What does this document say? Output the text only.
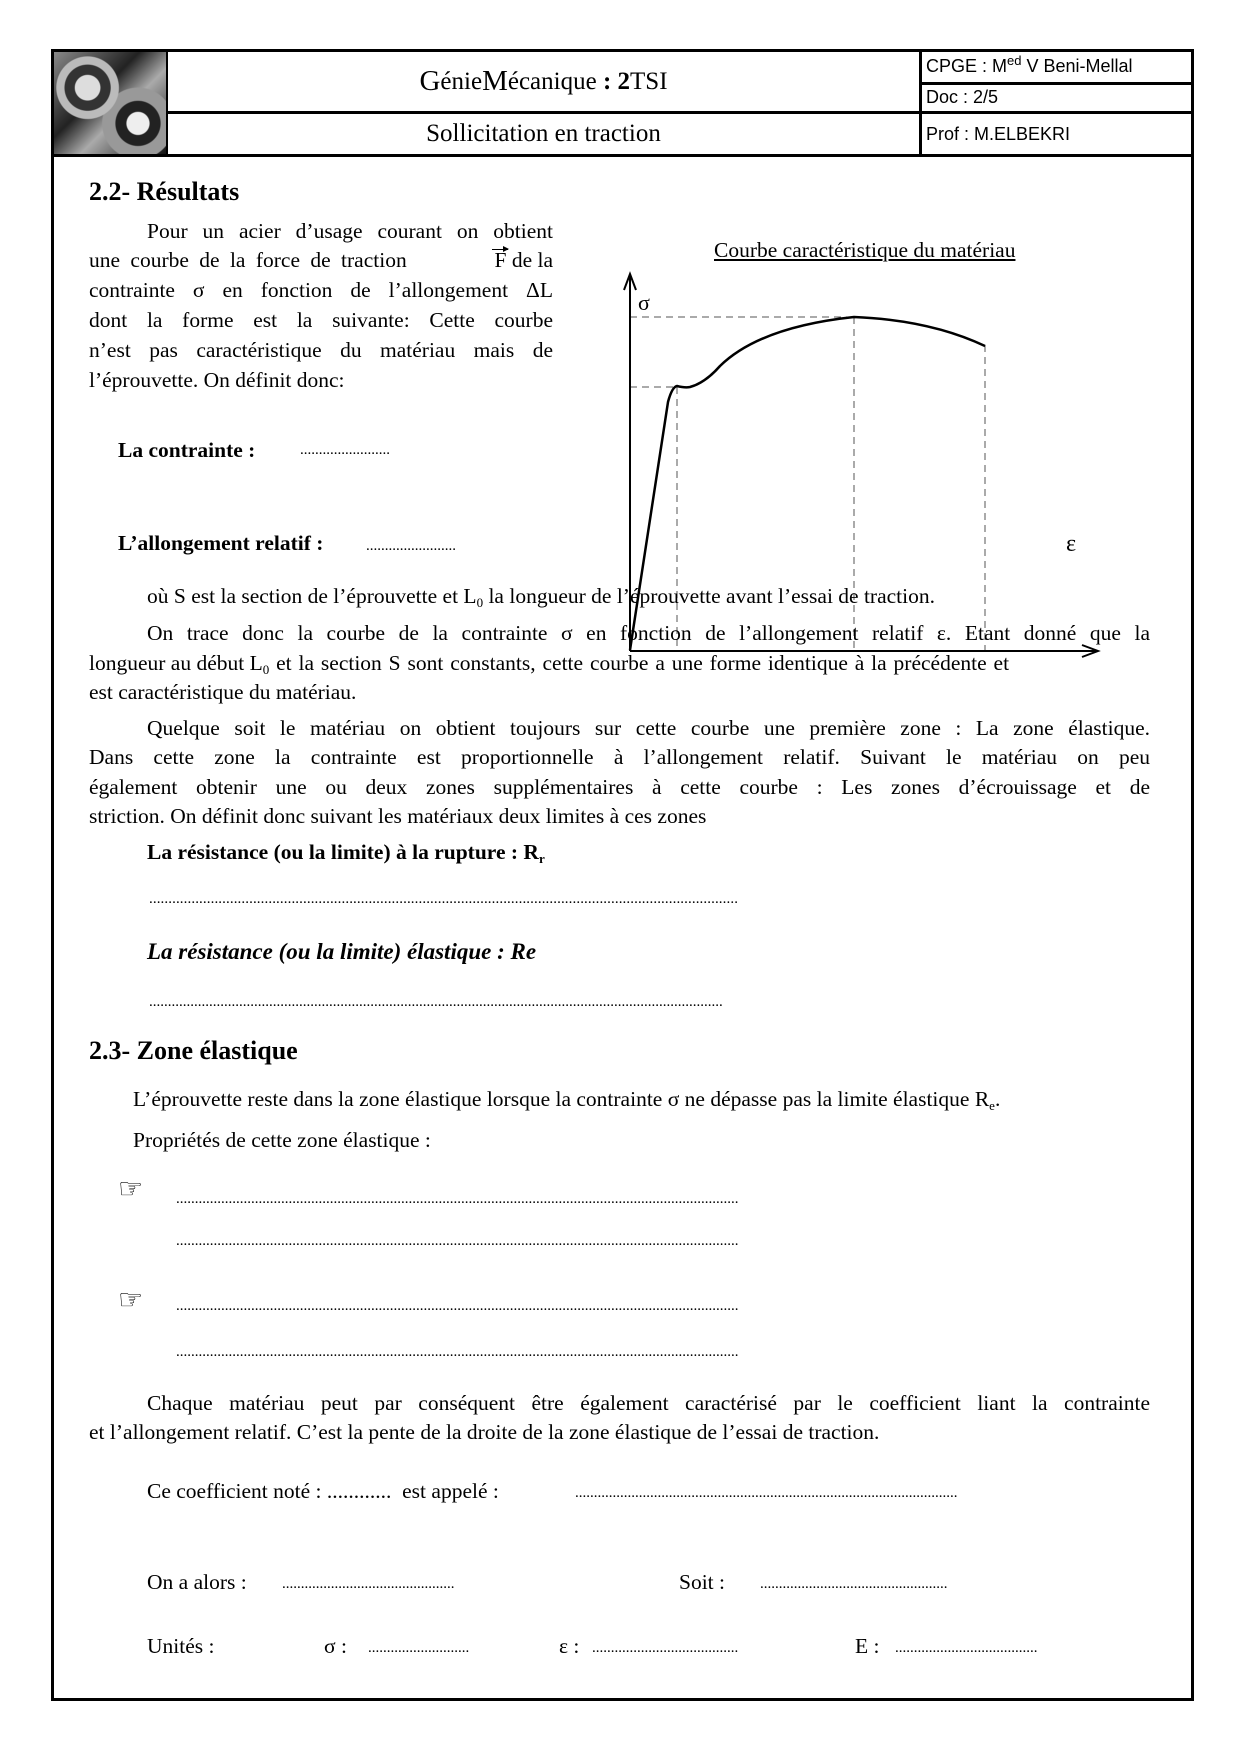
G énie M écanique : 2 TSI
Sollicitation en traction
CPGE : $M^{ed}$ V Beni-Mellal
Doc : 2/5
Prof : M.ELBEKRI
2.2- Résultats
Pour un acier d’usage courant on obtient
une courbe de la force de traction	F de la
contrainte σ en fonction de l’allongement ΔL
dont la forme est la suivante: Cette courbe
n’est pas caractéristique du matériau mais de
l’éprouvette. On définit donc:
La contrainte :	........................
L’allongement relatif :	........................
Courbe caractéristique du matériau
σ
ε
où S est la section de l’éprouvette et $L_0$ la longueur de l’éprouvette avant l’essai de traction.
On trace donc la courbe de la contrainte σ en fonction de l’allongement relatif ε. Etant donné que la
longueur au début $L_0$ et la section S sont constants, cette courbe a une forme identique à la précédente et
est caractéristique du matériau.
Quelque soit le matériau on obtient toujours sur cette courbe une première zone : La zone élastique.
Dans cette zone la contrainte est proportionnelle à l’allongement relatif. Suivant le matériau on peu
également obtenir une ou deux zones supplémentaires à cette courbe : Les zones d’écrouissage et de
striction. On définit donc suivant les matériaux deux limites à ces zones
La résistance (ou la limite) à la rupture : $R_r$
.........................................................................................................................................................
La résistance (ou la limite) élastique : Re
.........................................................................................................................................................
2.3- Zone élastique
L’éprouvette reste dans la zone élastique lorsque la contrainte σ ne dépasse pas la limite élastique $R_e$.
Propriétés de cette zone élastique :
☞ ......................................................................................................................................................
......................................................................................................................................................
☞ ......................................................................................................................................................
......................................................................................................................................................
Chaque matériau peut par conséquent être également caractérisé par le coefficient liant la contrainte
et l’allongement relatif. C’est la pente de la droite de la zone élastique de l’essai de traction.
Ce coefficient noté : ............  est appelé :	......................................................................................................
On a alors : ..............................................	Soit : ..................................................
Unités :	σ : ...........................	ε : .......................................	E : ......................................
